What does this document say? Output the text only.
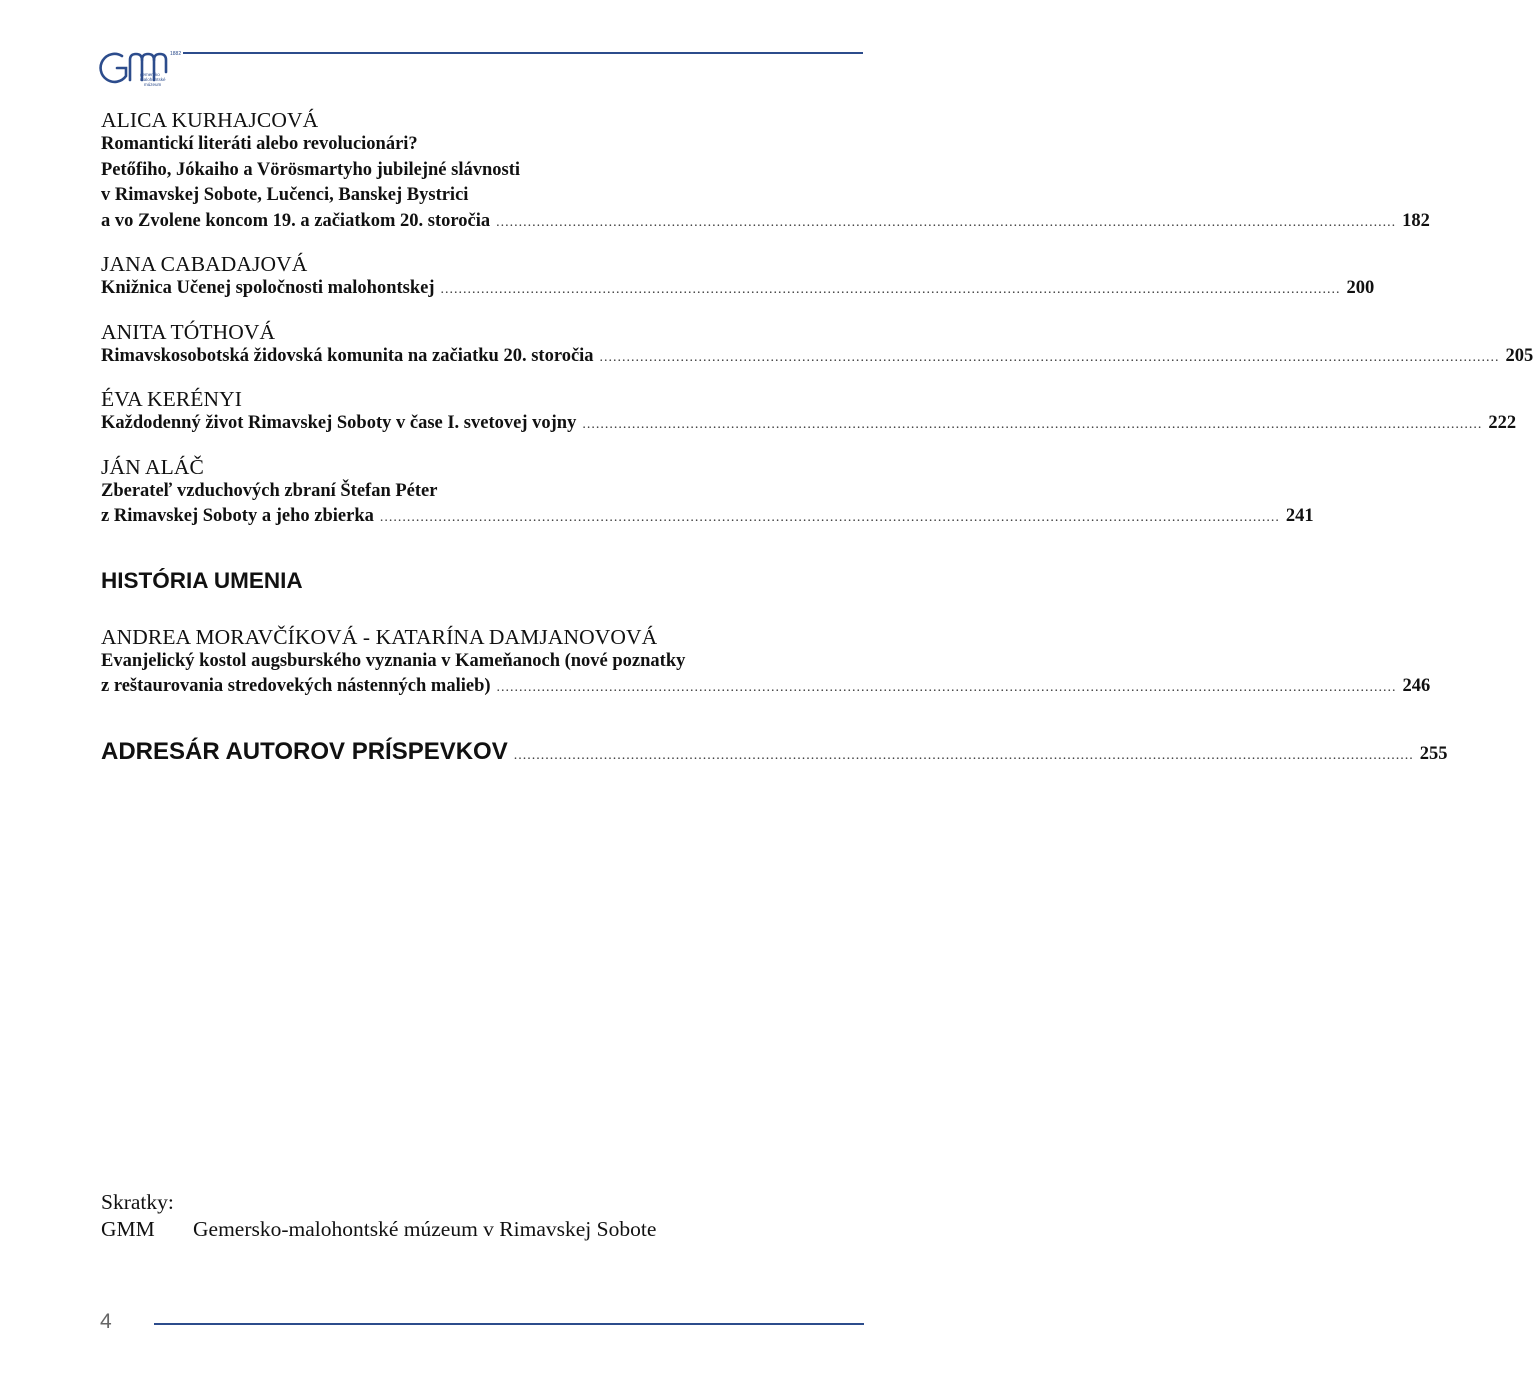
1882
gemersko
malohontské
múzeum
ALICA KURHAJCOVÁ
Romantickí literáti alebo revolucionári?
Petőfiho, Jókaiho a Vörösmartyho jubilejné slávnosti
v Rimavskej Sobote, Lučenci, Banskej Bystrici
a vo Zvolene koncom 19. a začiatkom 20. storočia ........................................................................................................................................................................................................ 182
JANA CABADAJOVÁ
Knižnica Učenej spoločnosti malohontskej ........................................................................................................................................................................................................ 200
ANITA TÓTHOVÁ
Rimavskosobotská židovská komunita na začiatku 20. storočia ........................................................................................................................................................................................................ 205
ÉVA KERÉNYI
Každodenný život Rimavskej Soboty v čase I. svetovej vojny ........................................................................................................................................................................................................ 222
JÁN ALÁČ
Zberateľ vzduchových zbraní Štefan Péter
z Rimavskej Soboty a jeho zbierka ........................................................................................................................................................................................................ 241
HISTÓRIA UMENIA
ANDREA MORAVČÍKOVÁ - KATARÍNA DAMJANOVOVÁ
Evanjelický kostol augsburského vyznania v Kameňanoch (nové poznatky
z reštaurovania stredovekých nástenných malieb) ........................................................................................................................................................................................................ 246
ADRESÁR AUTOROV PRÍSPEVKOV ........................................................................................................................................................................................................ 255
Skratky:
GMM	Gemersko-malohontské múzeum v Rimavskej Sobote
4
